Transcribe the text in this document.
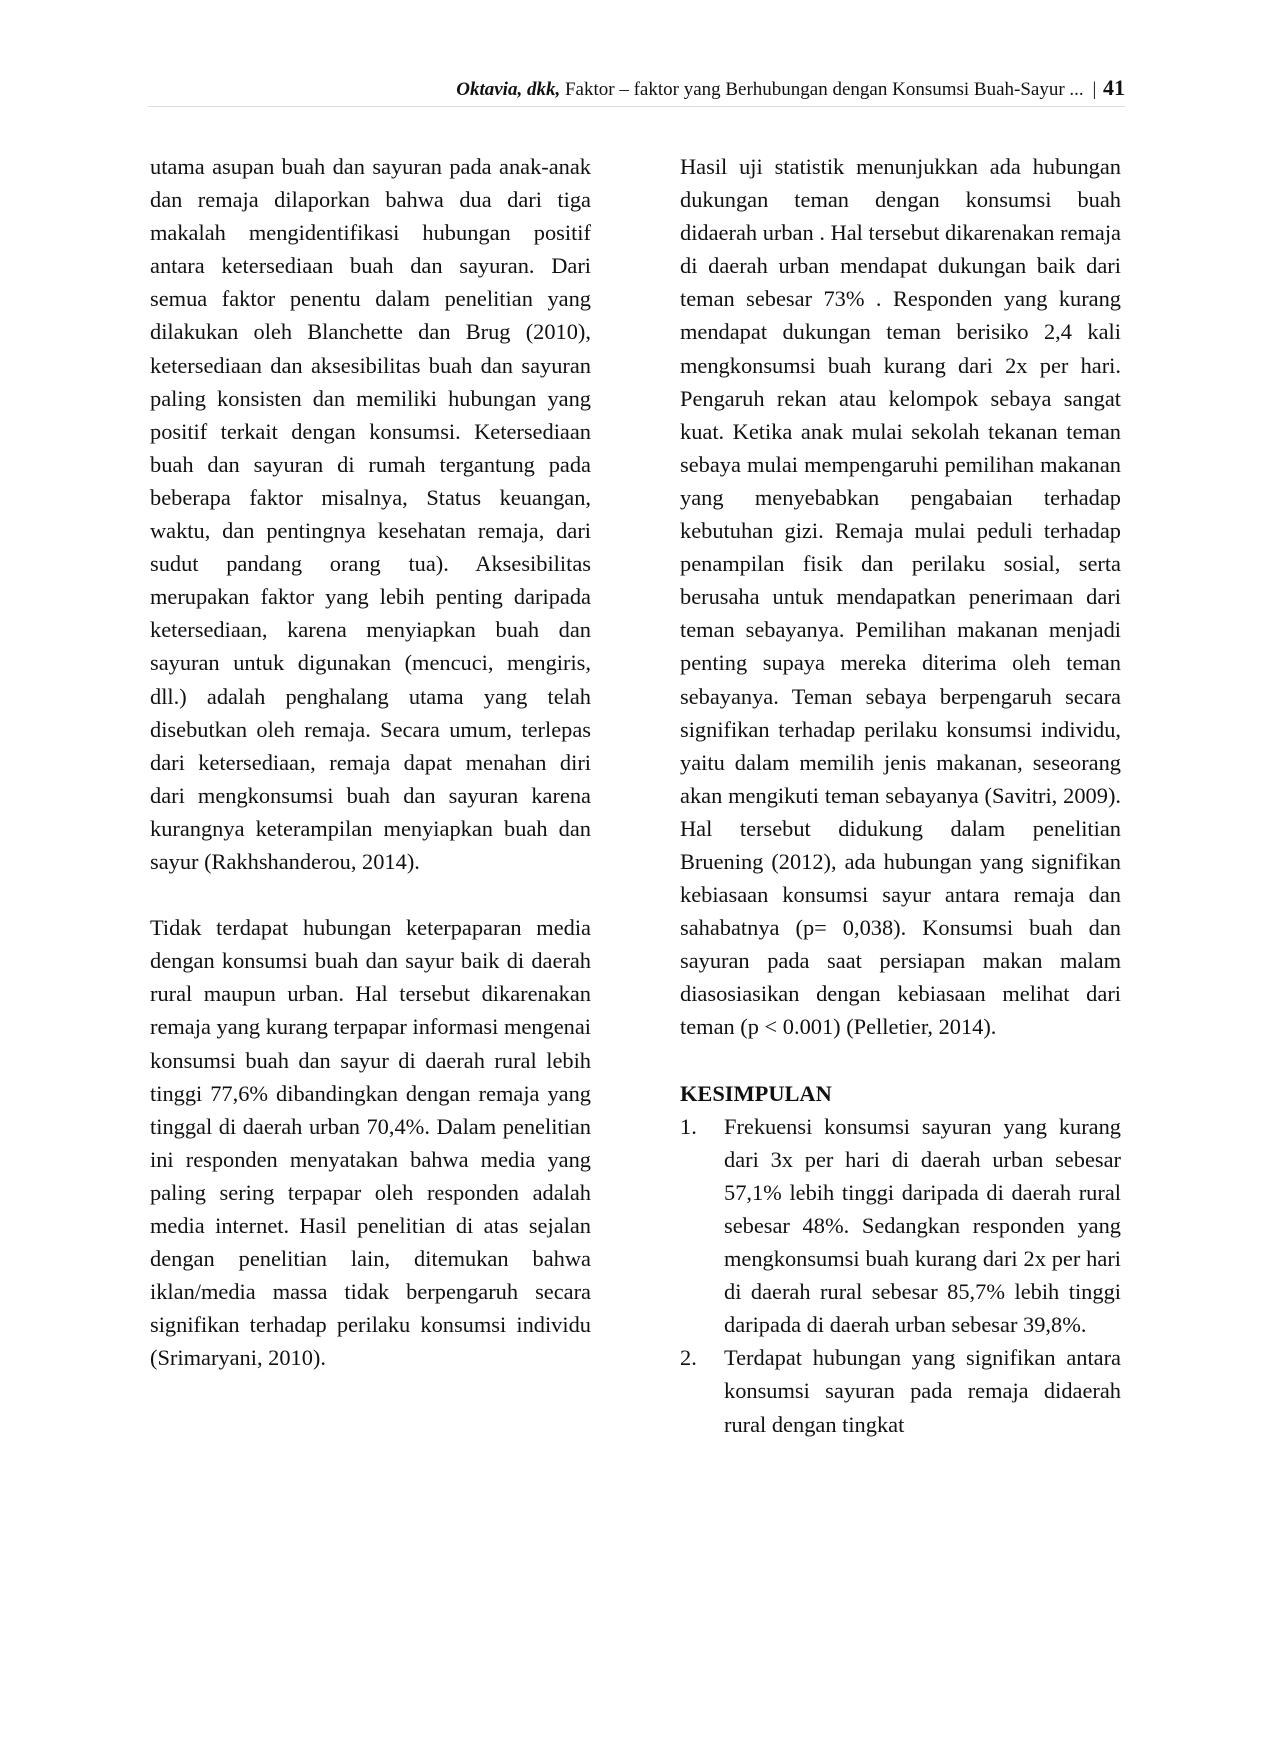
Oktavia, dkk, Faktor – faktor yang Berhubungan dengan Konsumsi Buah-Sayur ... | 41

utama asupan buah dan sayuran pada anak-anak dan remaja dilaporkan bahwa dua dari tiga makalah mengidentifikasi hubungan positif antara ketersediaan buah dan sayuran. Dari semua faktor penentu dalam penelitian yang dilakukan oleh Blanchette dan Brug (2010), ketersediaan dan aksesibilitas buah dan sayuran paling konsisten dan memiliki hubungan yang positif terkait dengan konsumsi. Ketersediaan buah dan sayuran di rumah tergantung pada beberapa faktor misalnya, Status keuangan, waktu, dan pentingnya kesehatan remaja, dari sudut pandang orang tua). Aksesibilitas merupakan faktor yang lebih penting daripada ketersediaan, karena menyiapkan buah dan sayuran untuk digunakan (mencuci, mengiris, dll.) adalah penghalang utama yang telah disebutkan oleh remaja. Secara umum, terlepas dari ketersediaan, remaja dapat menahan diri dari mengkonsumsi buah dan sayuran karena kurangnya keterampilan menyiapkan buah dan sayur (Rakhshanderou, 2014).

Tidak terdapat hubungan keterpaparan media dengan konsumsi buah dan sayur baik di daerah rural maupun urban. Hal tersebut dikarenakan remaja yang kurang terpapar informasi mengenai konsumsi buah dan sayur di daerah rural lebih tinggi 77,6% dibandingkan dengan remaja yang tinggal di daerah urban 70,4%. Dalam penelitian ini responden menyatakan bahwa media yang paling sering terpapar oleh responden adalah media internet. Hasil penelitian di atas sejalan dengan penelitian lain, ditemukan bahwa iklan/media massa tidak berpengaruh secara signifikan terhadap perilaku konsumsi individu (Srimaryani, 2010).

Hasil uji statistik menunjukkan ada hubungan dukungan teman dengan konsumsi buah didaerah urban . Hal tersebut dikarenakan remaja di daerah urban mendapat dukungan baik dari teman sebesar 73% . Responden yang kurang mendapat dukungan teman berisiko 2,4 kali mengkonsumsi buah kurang dari 2x per hari. Pengaruh rekan atau kelompok sebaya sangat kuat. Ketika anak mulai sekolah tekanan teman sebaya mulai mempengaruhi pemilihan makanan yang menyebabkan pengabaian terhadap kebutuhan gizi. Remaja mulai peduli terhadap penampilan fisik dan perilaku sosial, serta berusaha untuk mendapatkan penerimaan dari teman sebayanya. Pemilihan makanan menjadi penting supaya mereka diterima oleh teman sebayanya. Teman sebaya berpengaruh secara signifikan terhadap perilaku konsumsi individu, yaitu dalam memilih jenis makanan, seseorang akan mengikuti teman sebayanya (Savitri, 2009). Hal tersebut didukung dalam penelitian Bruening (2012), ada hubungan yang signifikan kebiasaan konsumsi sayur antara remaja dan sahabatnya (p= 0,038). Konsumsi buah dan sayuran pada saat persiapan makan malam diasosiasikan dengan kebiasaan melihat dari teman (p < 0.001) (Pelletier, 2014).

KESIMPULAN
1.	Frekuensi konsumsi sayuran yang kurang dari 3x per hari di daerah urban sebesar 57,1% lebih tinggi daripada di daerah rural sebesar 48%. Sedangkan responden yang mengkonsumsi buah kurang dari 2x per hari di daerah rural sebesar 85,7% lebih tinggi daripada di daerah urban sebesar 39,8%.
2.	Terdapat hubungan yang signifikan antara konsumsi sayuran pada remaja didaerah rural dengan tingkat
